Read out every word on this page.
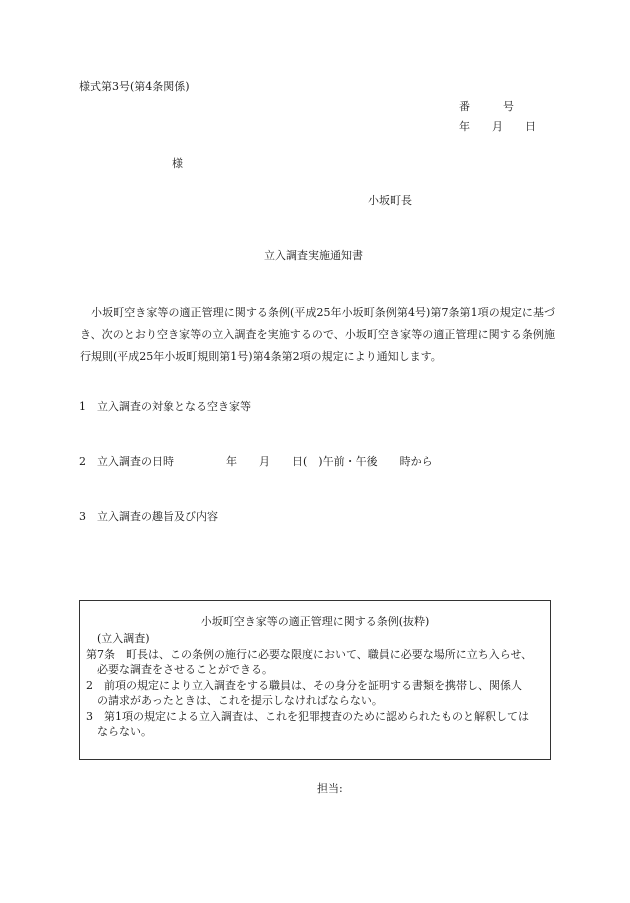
様式第3号(第4条関係)
番　　　号
年　　月　　日
様
小坂町長
立入調査実施通知書
小坂町空き家等の適正管理に関する条例(平成25年小坂町条例第4号)第7条第1項の規定に基づき、次のとおり空き家等の立入調査を実施するので、小坂町空き家等の適正管理に関する条例施行規則(平成25年小坂町規則第1号)第4条第2項の規定により通知します。
1　立入調査の対象となる空き家等
2　立入調査の日時	年　　月　　日(　)午前・午後　　時から
3　立入調査の趣旨及び内容
小坂町空き家等の適正管理に関する条例(抜粋)
(立入調査)
第7条　町長は、この条例の施行に必要な限度において、職員に必要な場所に立ち入らせ、
必要な調査をさせることができる。
2　前項の規定により立入調査をする職員は、その身分を証明する書類を携帯し、関係人
の請求があったときは、これを提示しなければならない。
3　第1項の規定による立入調査は、これを犯罪捜査のために認められたものと解釈しては
ならない。
担当:
